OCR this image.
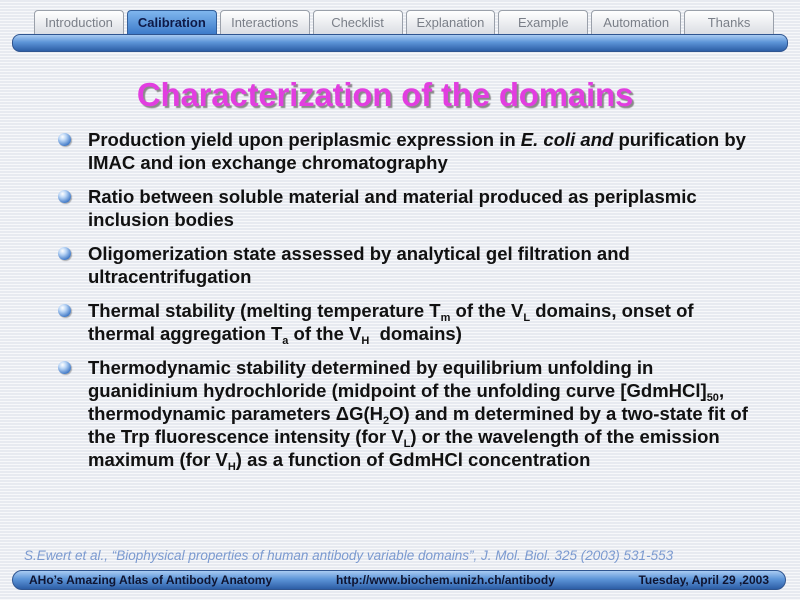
Introduction	Calibration	Interactions	Checklist	Explanation	Example	Automation	Thanks
Characterization of the domains
Production yield upon periplasmic expression in E. coli and purification by IMAC and ion exchange chromatography
Ratio between soluble material and material produced as periplasmic inclusion bodies
Oligomerization state assessed by analytical gel filtration and ultracentrifugation
Thermal stability (melting temperature $T_m$ of the $V_L$ domains, onset of thermal aggregation $T_a$ of the $V_H$  domains)
Thermodynamic stability determined by equilibrium unfolding in guanidinium hydrochloride (midpoint of the unfolding curve $[GdmHCl]_{50}$, thermodynamic parameters $\Delta G(H_2O)$ and m determined by a two-state fit of the Trp fluorescence intensity (for $V_L$) or the wavelength of the emission maximum (for $V_H$) as a function of GdmHCl concentration
S.Ewert et al., “Biophysical properties of human antibody variable domains”, J. Mol. Biol. 325 (2003) 531-553
AHo’s Amazing Atlas of Antibody Anatomy	http://www.biochem.unizh.ch/antibody	Tuesday, April 29 ,2003
